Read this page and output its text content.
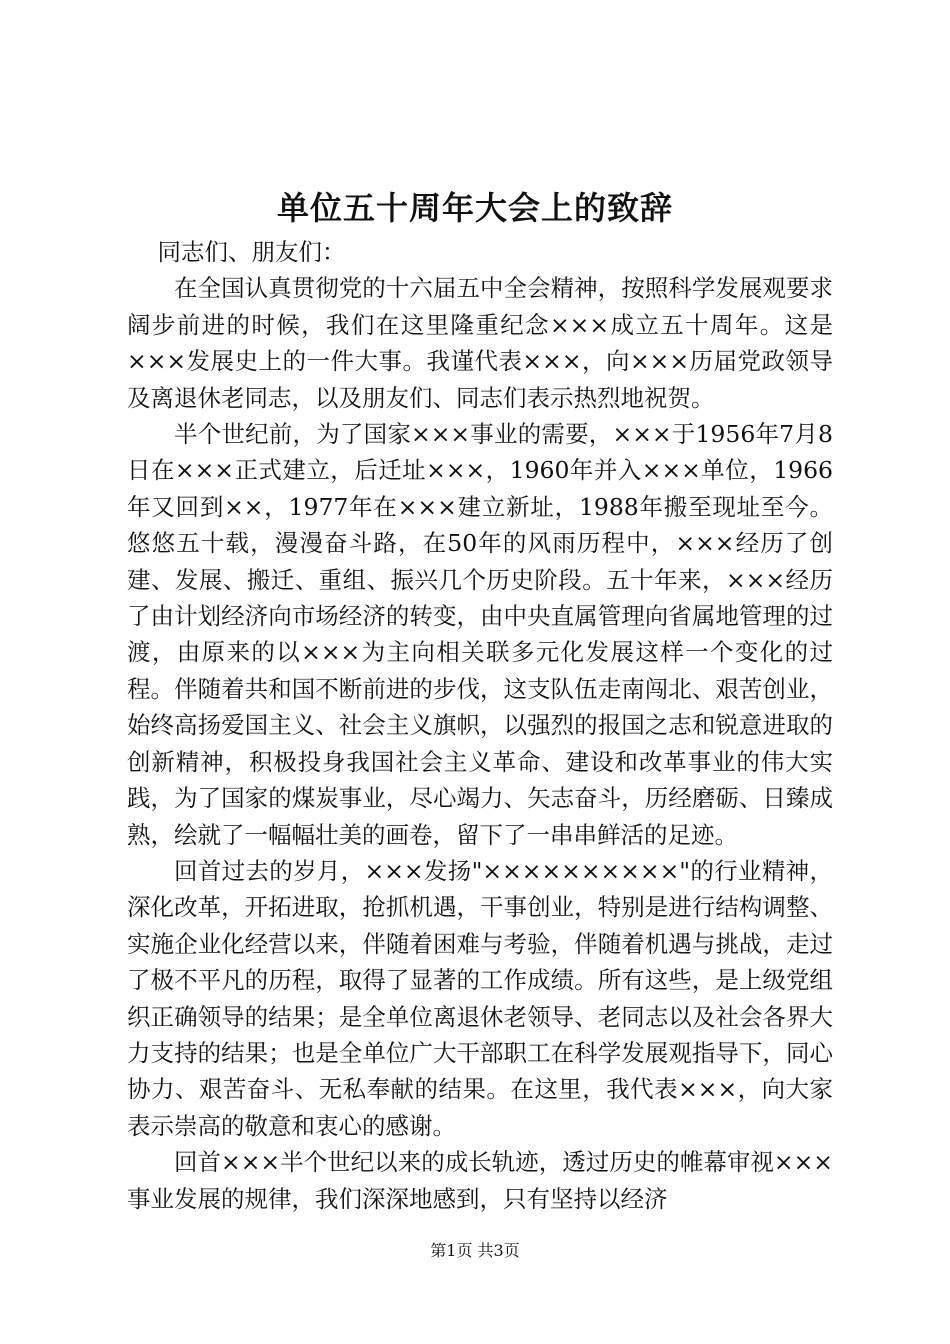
单位五十周年大会上的致辞

同志们、朋友们：

在全国认真贯彻党的十六届五中全会精神，按照科学发展观要求阔步前进的时候，我们在这里隆重纪念×××成立五十周年。这是×××发展史上的一件大事。我谨代表×××，向×××历届党政领导及离退休老同志，以及朋友们、同志们表示热烈地祝贺。

半个世纪前，为了国家×××事业的需要，×××于1956年7月8日在×××正式建立，后迁址×××，1960年并入×××单位，1966年又回到××，1977年在×××建立新址，1988年搬至现址至今。悠悠五十载，漫漫奋斗路，在50年的风雨历程中，×××经历了创建、发展、搬迁、重组、振兴几个历史阶段。五十年来，×××经历了由计划经济向市场经济的转变，由中央直属管理向省属地管理的过渡，由原来的以×××为主向相关联多元化发展这样一个变化的过程。伴随着共和国不断前进的步伐，这支队伍走南闯北、艰苦创业，始终高扬爱国主义、社会主义旗帜，以强烈的报国之志和锐意进取的创新精神，积极投身我国社会主义革命、建设和改革事业的伟大实践，为了国家的煤炭事业，尽心竭力、矢志奋斗，历经磨砺、日臻成熟，绘就了一幅幅壮美的画卷，留下了一串串鲜活的足迹。

回首过去的岁月，×××发扬"××××××××××"的行业精神，深化改革，开拓进取，抢抓机遇，干事创业，特别是进行结构调整、实施企业化经营以来，伴随着困难与考验，伴随着机遇与挑战，走过了极不平凡的历程，取得了显著的工作成绩。所有这些，是上级党组织正确领导的结果；是全单位离退休老领导、老同志以及社会各界大力支持的结果；也是全单位广大干部职工在科学发展观指导下，同心协力、艰苦奋斗、无私奉献的结果。在这里，我代表×××，向大家表示崇高的敬意和衷心的感谢。

回首×××半个世纪以来的成长轨迹，透过历史的帷幕审视×××事业发展的规律，我们深深地感到，只有坚持以经济

第1页 共3页
